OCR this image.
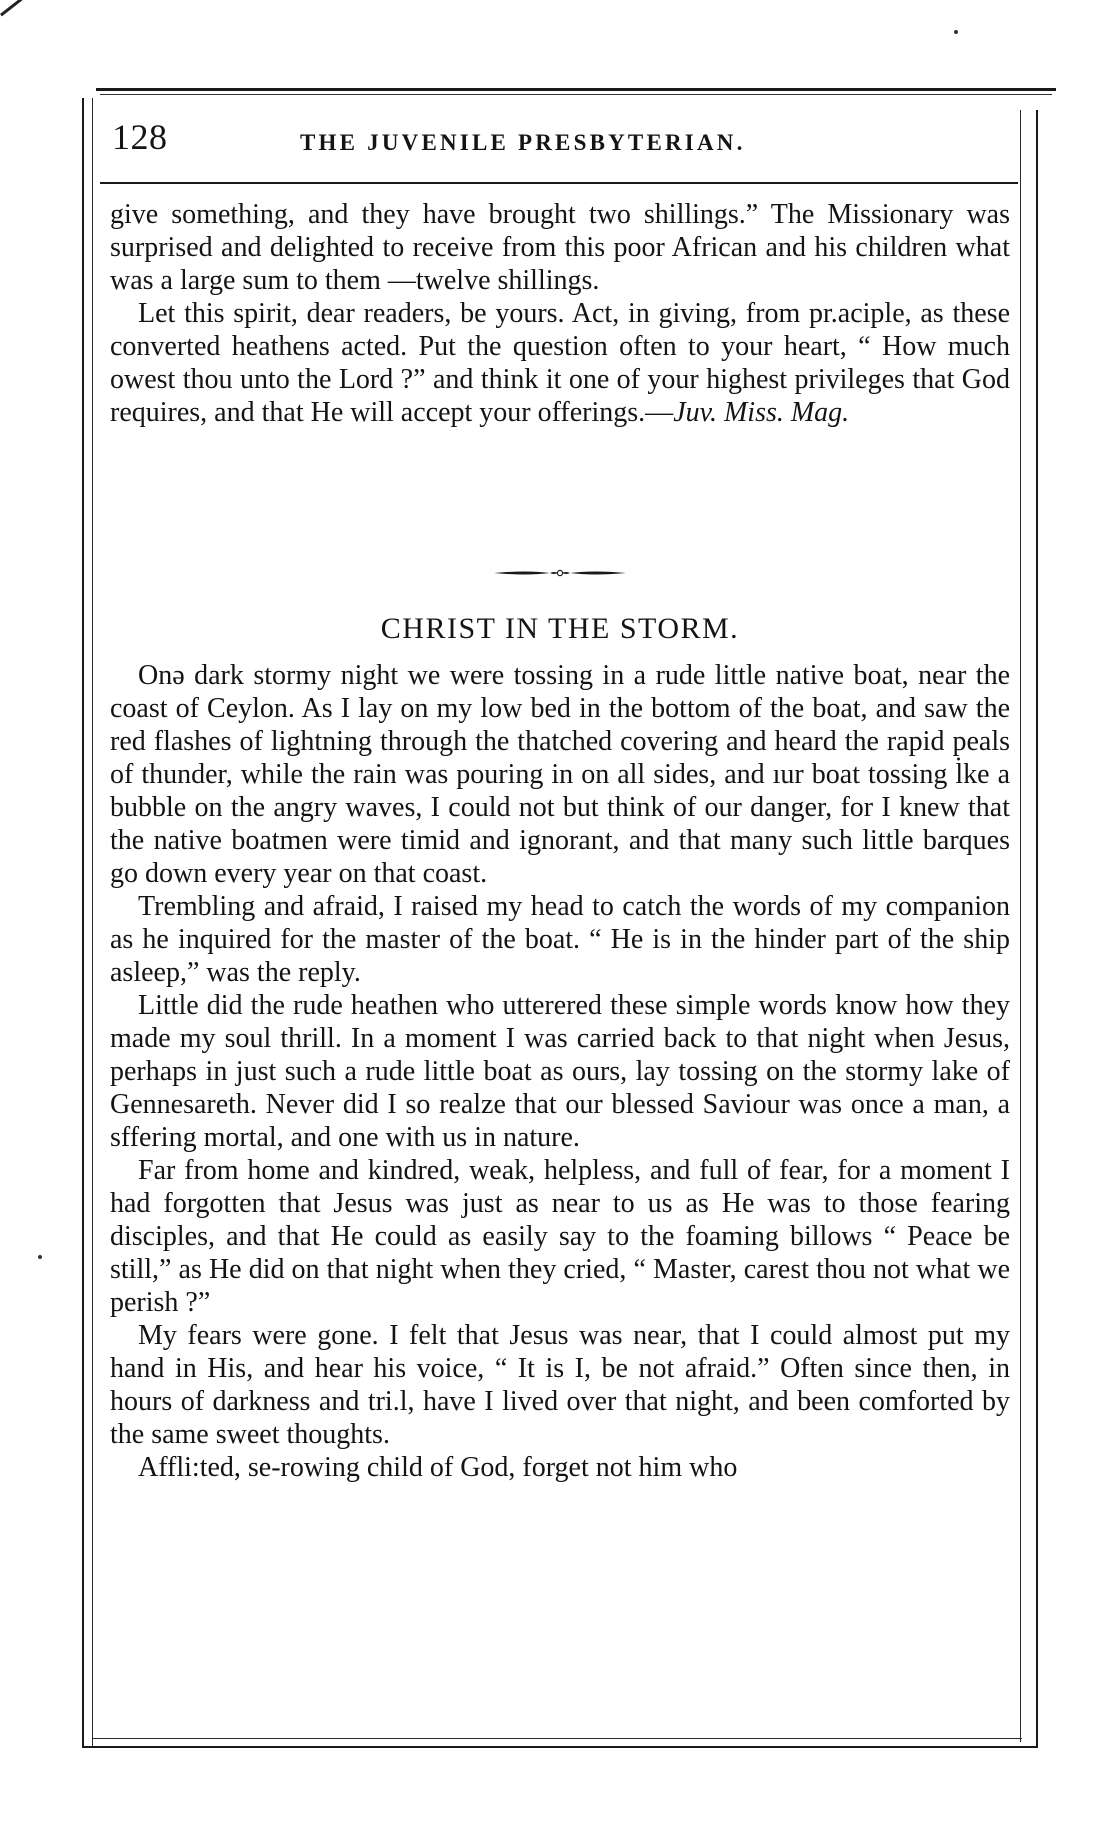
128	THE JUVENILE PRESBYTERIAN.

give something, and they have brought two shillings.” The Missionary was surprised and delighted to receive from this poor African and his children what was a large sum to them —twelve shillings.

Let this spirit, dear readers, be yours. Act, in giving, from pr.aciple, as these converted heathens acted. Put the question often to your heart, “ How much owest thou unto the Lord ?” and think it one of your highest privileges that God requires, and that He will accept your offerings.—Juv. Miss. Mag.

CHRIST IN THE STORM.

Onə dark stormy night we were tossing in a rude little native boat, near the coast of Ceylon. As I lay on my low bed in the bottom of the boat, and saw the red flashes of lightning through the thatched covering and heard the rapid peals of thunder, while the rain was pouring in on all sides, and ıur boat tossing l̇ke a bubble on the angry waves, I could not but think of our danger, for I knew that the native boatmen were timid and ignorant, and that many such little barques go down every year on that coast.

Trembling and afraid, I raised my head to catch the words of my companion as he inquired for the master of the boat. “ He is in the hinder part of the ship asleep,” was the reply.

Little did the rude heathen who utterered these simple words know how they made my soul thrill. In a moment I was carried back to that night when Jesus, perhaps in just such a rude little boat as ours, lay tossing on the stormy lake of Gennesareth. Never did I so realze that our blessed Saviour was once a man, a sffering mortal, and one with us in nature.

Far from home and kindred, weak, helpless, and full of fear, for a moment I had forgotten that Jesus was just as near to us as He was to those fearing disciples, and that He could as easily say to the foaming billows “ Peace be still,” as He did on that night when they cried, “ Master, carest thou not what we perish ?”

My fears were gone. I felt that Jesus was near, that I could almost put my hand in His, and hear his voice, “ It is I, be not afraid.” Often since then, in hours of darkness and tri.l, have I lived over that night, and been comforted by the same sweet thoughts.

Affli:ted, se-rowing child of God, forget not him who
